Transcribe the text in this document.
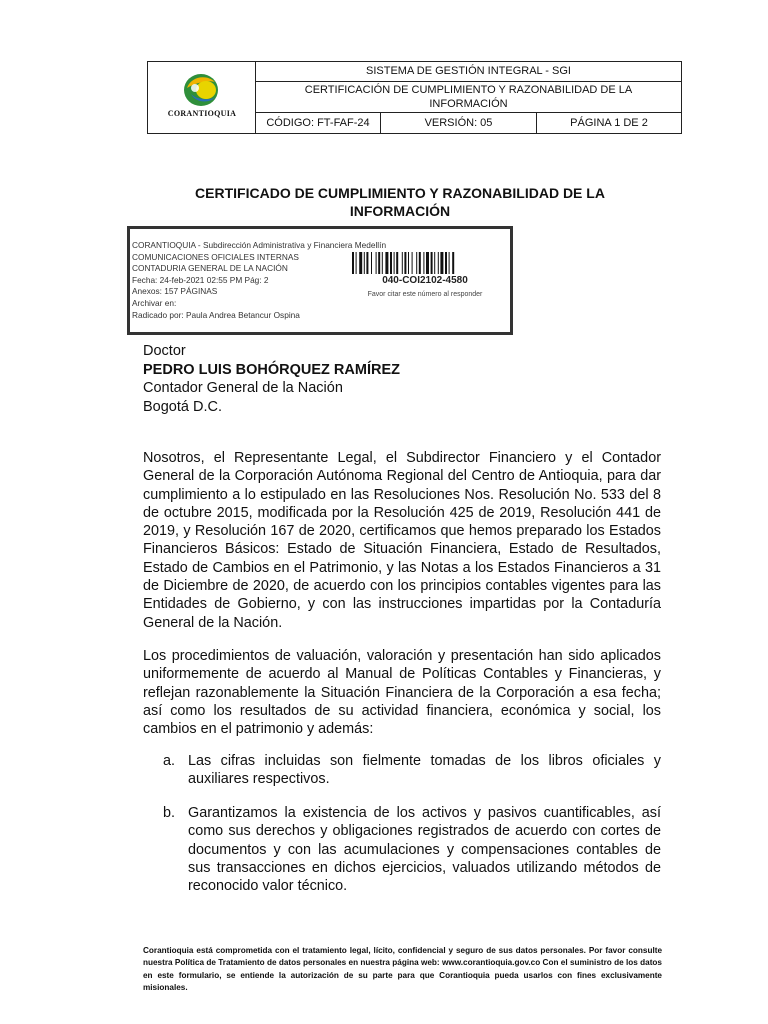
CORANTIOQUIA
SISTEMA DE GESTIÓN INTEGRAL - SGI
CERTIFICACIÓN DE CUMPLIMIENTO Y RAZONABILIDAD DE LA INFORMACIÓN
CÓDIGO: FT-FAF-24	VERSIÓN: 05	PÁGINA 1 DE 2
CERTIFICADO DE CUMPLIMIENTO Y RAZONABILIDAD DE LA INFORMACIÓN
CORANTIOQUIA - Subdirección Administrativa y Financiera Medellín
COMUNICACIONES OFICIALES INTERNAS
CONTADURIA GENERAL DE LA NACIÓN
Fecha: 24-feb-2021 02:55 PM Pág: 2
Anexos: 157 PÁGINAS
Archivar en:
Radicado por: Paula Andrea Betancur Ospina
040-COI2102-4580
Favor citar este número al responder
Doctor
PEDRO LUIS BOHÓRQUEZ RAMÍREZ
Contador General de la Nación
Bogotá D.C.
Nosotros, el Representante Legal, el Subdirector Financiero y el Contador General de la Corporación Autónoma Regional del Centro de Antioquia, para dar cumplimiento a lo estipulado en las Resoluciones Nos. Resolución No. 533 del 8 de octubre 2015, modificada por la Resolución 425 de 2019, Resolución 441 de 2019, y Resolución 167 de 2020, certificamos que hemos preparado los Estados Financieros Básicos: Estado de Situación Financiera, Estado de Resultados, Estado de Cambios en el Patrimonio, y las Notas a los Estados Financieros a 31 de Diciembre de 2020, de acuerdo con los principios contables vigentes para las Entidades de Gobierno, y con las instrucciones impartidas por la Contaduría General de la Nación.
Los procedimientos de valuación, valoración y presentación han sido aplicados uniformemente de acuerdo al Manual de Políticas Contables y Financieras, y reflejan razonablemente la Situación Financiera de la Corporación a esa fecha; así como los resultados de su actividad financiera, económica y social, los cambios en el patrimonio y además:
a. Las cifras incluidas son fielmente tomadas de los libros oficiales y auxiliares respectivos.
b. Garantizamos la existencia de los activos y pasivos cuantificables, así como sus derechos y obligaciones registrados de acuerdo con cortes de documentos y con las acumulaciones y compensaciones contables de sus transacciones en dichos ejercicios, valuados utilizando métodos de reconocido valor técnico.
Corantioquia está comprometida con el tratamiento legal, lícito, confidencial y seguro de sus datos personales. Por favor consulte nuestra Política de Tratamiento de datos personales en nuestra página web: www.corantioquia.gov.co Con el suministro de los datos en este formulario, se entiende la autorización de su parte para que Corantioquia pueda usarlos con fines exclusivamente misionales.
